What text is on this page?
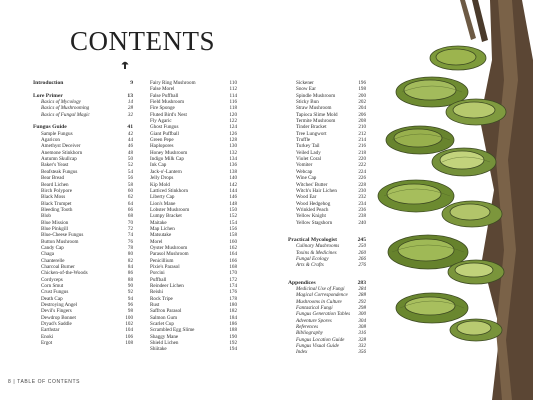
CONTENTS
Introduction	9
Lore Primer	13
Basics of Mycology	14
Basics of Mushrooming	28
Basics of Fungal Magic	32
Fungus Guide	41
Sample Fungus	42
Agaricon	44
Amethyst Deceiver	46
Anemone Stinkhorn	48
Autumn Skullcap	50
Baker's Yeast	52
Beafsteak Fungus	54
Bear Bread	56
Beard Lichen	58
Birch Polypore	60
Black Moss	62
Black Trumpet	64
Bleeding Tooth	66
Blob	68
Blue Mission	70
Blue Pinkgill	72
Blue-Cheese Fungus	74
Button Mushroom	76
Candy Cap	78
Chaga	80
Chanterelle	82
Charcoal Burner	84
Chicken-of-the-Woods	86
Cordyceps	88
Corn Smut	90
Crust Fungus	92
Death Cap	94
Destroying Angel	96
Devil's Fingers	98
Dewdrop Bonnet	100
Dryad's Saddle	102
Earthstar	104
Enoki	106
Ergot	108
Fairy Ring Mushroom	110
False Morel	112
False Puffball	114
Field Mushroom	116
Fire Sponge	118
Fluted Bird's Nest	120
Fly Agaric	122
Ghost Fungus	124
Giant Puffball	126
Green Pepe	128
Haplopores	130
Honey Mushroom	132
Indigo Milk Cap	134
Ink Cap	136
Jack-o'-Lantern	138
Jelly Drops	140
Kip Mold	142
Latticed Stinkhorn	144
Liberty Cap	146
Lion's Mane	148
Lobster Mushroom	150
Lumpy Bracket	152
Maitake	154
Map Lichen	156
Matsutake	158
Morel	160
Oyster Mushroom	162
Parasol Mushroom	164
Penicillium	166
Pixie's Parasol	168
Porcini	170
Puffball	172
Reindeer Lichen	174
Reishi	176
Rock Tripe	178
Rust	180
Saffron Parasol	182
Salmon Gum	184
Scarlet Cup	186
Scrambled Egg Slime	188
Shaggy Mane	190
Shield Lichen	192
Shiitake	194
Sickener	196
Snow Ear	198
Spindle Mushroom	200
Sticky Bun	202
Straw Mushroom	204
Tapioca Slime Mold	206
Termite Mushroom	208
Tinder Bracket	210
Tree Lungwort	212
Truffle	214
Turkey Tail	216
Veiled Lady	218
Violet Coral	220
Vomiter	222
Webcap	224
Wine Cap	226
Witches' Butter	228
Witch's Hair Lichen	230
Wood Ear	232
Wood Hedgehog	234
Wrinkled Peach	236
Yellow Knight	238
Yellow Stagshorn	240
Practical Mycologist	245
Culinary Mushrooms	250
Toxins & Medicines	260
Fungal Ecology	266
Arts & Crafts	276
Appendices	283
Medicinal Use of Fungi	284
Magical Correspondence 288
Mushrooms in Culture	292
Fantastical Fungi	298
Fungus Generation Tables 300
Adventure Spores	304
References	308
Bibliography	316
Fungus Location Guide	328
Fungus Visual Guide	332
Index	356
8 | TABLE OF CONTENTS
